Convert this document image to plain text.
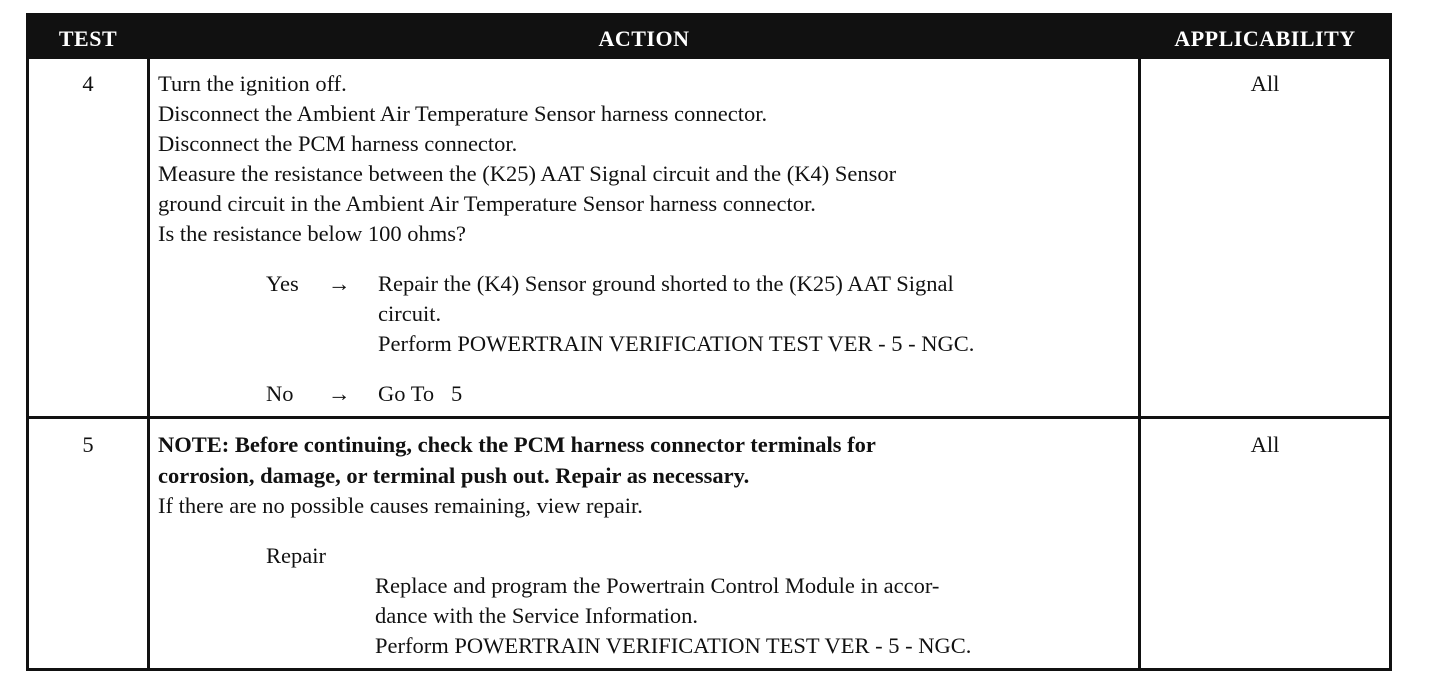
TEST	ACTION	APPLICABILITY
4	Turn the ignition off.
Disconnect the Ambient Air Temperature Sensor harness connector.
Disconnect the PCM harness connector.
Measure the resistance between the (K25) AAT Signal circuit and the (K4) Sensor
ground circuit in the Ambient Air Temperature Sensor harness connector.
Is the resistance below 100 ohms?
Yes → Repair the (K4) Sensor ground shorted to the (K25) AAT Signal
circuit.
Perform POWERTRAIN VERIFICATION TEST VER - 5 - NGC.
No → Go To   5
All
5	NOTE: Before continuing, check the PCM harness connector terminals for
corrosion, damage, or terminal push out. Repair as necessary.
If there are no possible causes remaining, view repair.
Repair
Replace and program the Powertrain Control Module in accor-
dance with the Service Information.
Perform POWERTRAIN VERIFICATION TEST VER - 5 - NGC.
All
